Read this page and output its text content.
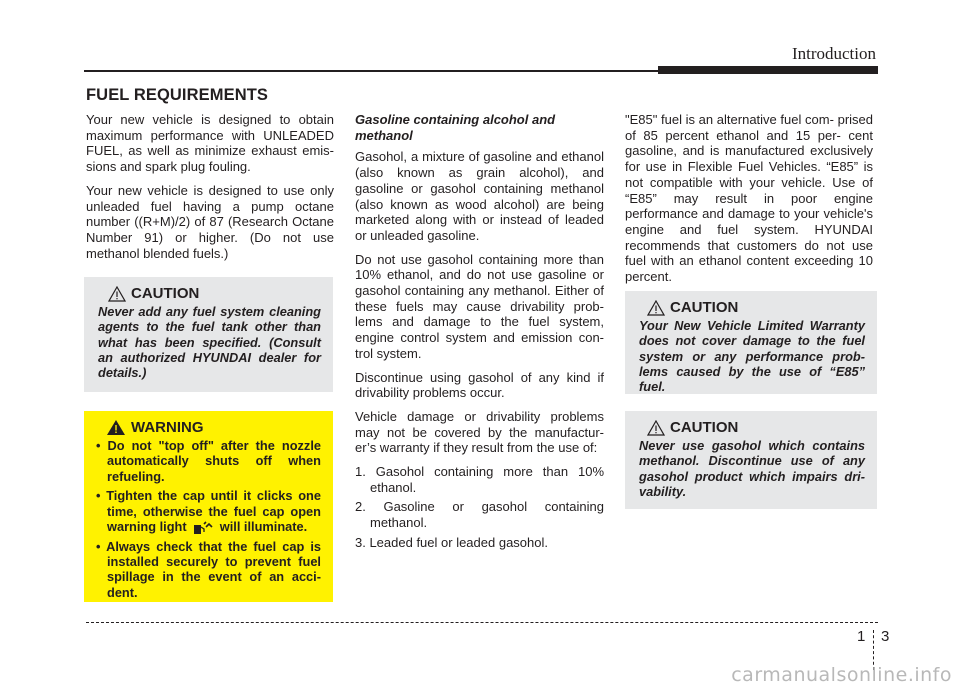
Introduction
FUEL REQUIREMENTS

Your new vehicle is designed to obtain maximum performance with UNLEADED FUEL, as well as minimize exhaust emis- sions and spark plug fouling.

Your new vehicle is designed to use only unleaded fuel having a pump octane number ((R+M)/2) of 87 (Research Octane Number 91) or higher. (Do not use methanol blended fuels.)

CAUTION
Never add any fuel system cleaning agents to the fuel tank other than what has been specified. (Consult an authorized HYUNDAI dealer for details.)
WARNING
• Do not "top off" after the nozzle automatically shuts off when refueling.
• Tighten the cap until it clicks one time, otherwise the fuel cap open warning light	will illuminate.
• Always check that the fuel cap is installed securely to prevent fuel spillage in the event of an acci- dent.

Gasoline containing alcohol and methanol

Gasohol, a mixture of gasoline and ethanol (also known as grain alcohol), and gasoline or gasohol containing methanol (also known as wood alcohol) are being marketed along with or instead of leaded or unleaded gasoline.

Do not use gasohol containing more than 10% ethanol, and do not use gasoline or gasohol containing any methanol. Either of these fuels may cause drivability prob- lems and damage to the fuel system, engine control system and emission con- trol system.

Discontinue using gasohol of any kind if drivability problems occur.

Vehicle damage or drivability problems may not be covered by the manufactur- er’s warranty if they result from the use of:

1. Gasohol containing more than 10% ethanol.
2. Gasoline or gasohol containing methanol.
3. Leaded fuel or leaded gasohol.

"E85" fuel is an alternative fuel com- prised of 85 percent ethanol and 15 per- cent gasoline, and is manufactured exclusively for use in Flexible Fuel Vehicles. “E85” is not compatible with your vehicle. Use of “E85” may result in poor engine performance and damage to your vehicle's engine and fuel system. HYUNDAI recommends that customers do not use fuel with an ethanol content exceeding 10 percent.

CAUTION
Your New Vehicle Limited Warranty does not cover damage to the fuel system or any performance prob- lems caused by the use of “E85” fuel.
CAUTION
Never use gasohol which contains methanol. Discontinue use of any gasohol product which impairs dri- vability.
1 3
carmanualsonline.info
